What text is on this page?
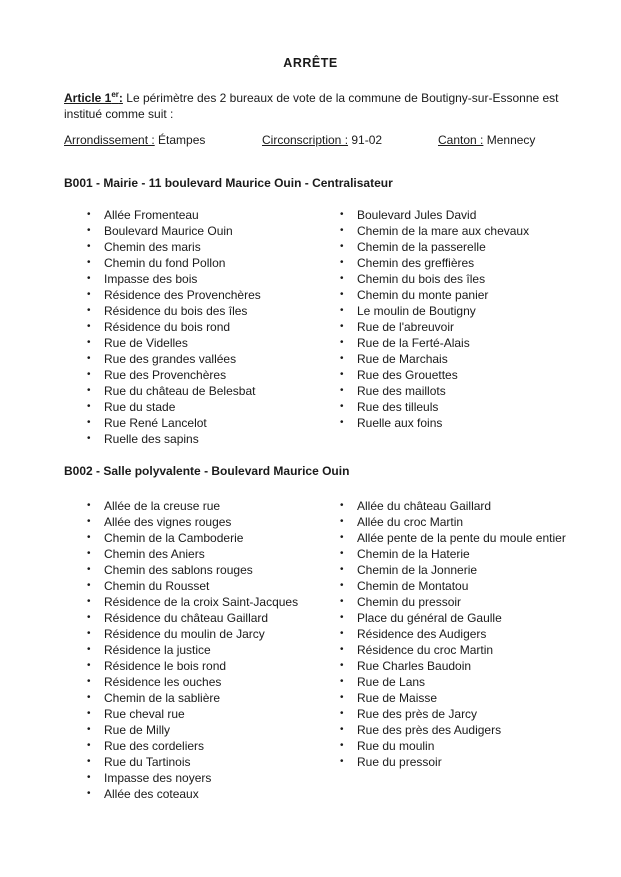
ARRÊTE
Article 1er: Le périmètre des 2 bureaux de vote de la commune de Boutigny-sur-Essonne est institué comme suit :
Arrondissement : Étampes	Circonscription : 91-02	Canton : Mennecy
B001 - Mairie - 11 boulevard Maurice Ouin - Centralisateur
• Allée Fromenteau
• Boulevard Maurice Ouin
• Chemin des maris
• Chemin du fond Pollon
• Impasse des bois
• Résidence des Provenchères
• Résidence du bois des îles
• Résidence du bois rond
• Rue de Videlles
• Rue des grandes vallées
• Rue des Provenchères
• Rue du château de Belesbat
• Rue du stade
• Rue René Lancelot
• Ruelle des sapins
• Boulevard Jules David
• Chemin de la mare aux chevaux
• Chemin de la passerelle
• Chemin des greffières
• Chemin du bois des îles
• Chemin du monte panier
• Le moulin de Boutigny
• Rue de l'abreuvoir
• Rue de la Ferté-Alais
• Rue de Marchais
• Rue des Grouettes
• Rue des maillots
• Rue des tilleuls
• Ruelle aux foins
B002 - Salle polyvalente - Boulevard Maurice Ouin
• Allée de la creuse rue
• Allée des vignes rouges
• Chemin de la Camboderie
• Chemin des Aniers
• Chemin des sablons rouges
• Chemin du Rousset
• Résidence de la croix Saint-Jacques
• Résidence du château Gaillard
• Résidence du moulin de Jarcy
• Résidence la justice
• Résidence le bois rond
• Résidence les ouches
• Chemin de la sablière
• Rue cheval rue
• Rue de Milly
• Rue des cordeliers
• Rue du Tartinois
• Impasse des noyers
• Allée des coteaux
• Allée du château Gaillard
• Allée du croc Martin
• Allée pente de la pente du moule entier
• Chemin de la Haterie
• Chemin de la Jonnerie
• Chemin de Montatou
• Chemin du pressoir
• Place du général de Gaulle
• Résidence des Audigers
• Résidence du croc Martin
• Rue Charles Baudoin
• Rue de Lans
• Rue de Maisse
• Rue des près de Jarcy
• Rue des près des Audigers
• Rue du moulin
• Rue du pressoir
